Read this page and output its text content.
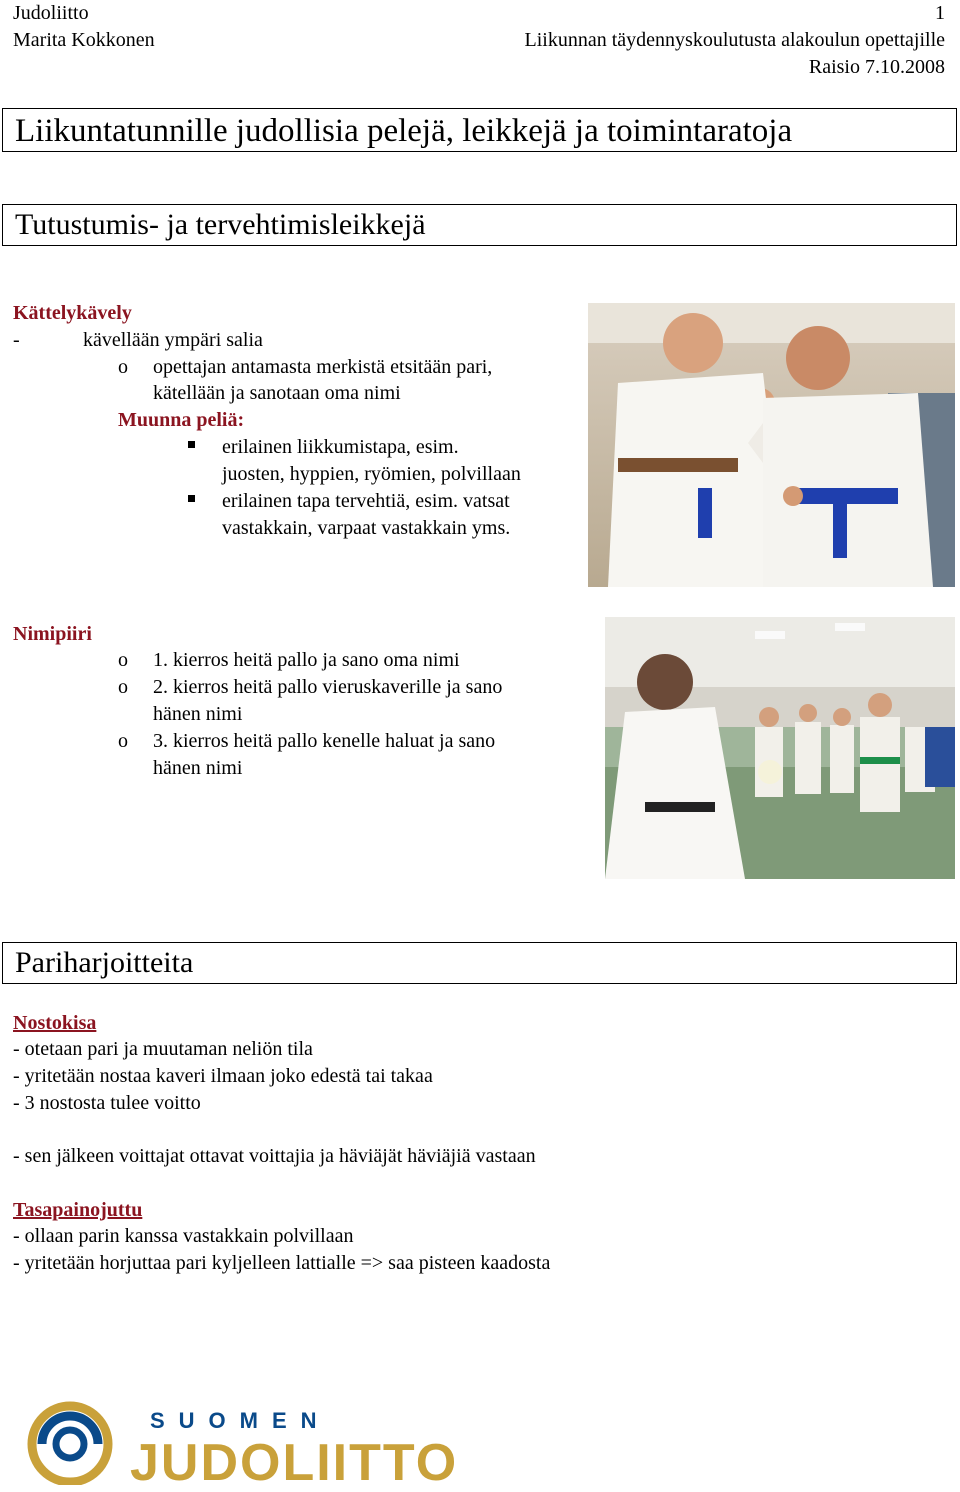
Judoliitto
Marita Kokkonen
1
Liikunnan täydennyskoulutusta alakoulun opettajille
Raisio 7.10.2008
Liikuntatunnille judollisia pelejä, leikkejä ja toimintaratoja
Tutustumis- ja tervehtimisleikkejä
Kättelykävely
-	kävellään ympäri salia
o opettajan antamasta merkistä etsitään pari,
kätellään ja sanotaan oma nimi
Muunna peliä:
erilainen liikkumistapa, esim.
juosten, hyppien, ryömien, polvillaan
erilainen tapa tervehtiä, esim. vatsat
vastakkain, varpaat vastakkain yms.
Nimipiiri
o 1. kierros heitä pallo ja sano oma nimi
o 2. kierros heitä pallo vieruskaverille ja sano
hänen nimi
o 3. kierros heitä pallo kenelle haluat ja sano
hänen nimi
Pariharjoitteita
Nostokisa
- otetaan pari ja muutaman neliön tila
- yritetään nostaa kaveri ilmaan joko edestä tai takaa
- 3 nostosta tulee voitto
- sen jälkeen voittajat ottavat voittajia ja häviäjät häviäjiä vastaan
Tasapainojuttu
- ollaan parin kanssa vastakkain polvillaan
- yritetään horjuttaa pari kyljelleen lattialle => saa pisteen kaadosta
SUOMEN
JUDOLIITTO
